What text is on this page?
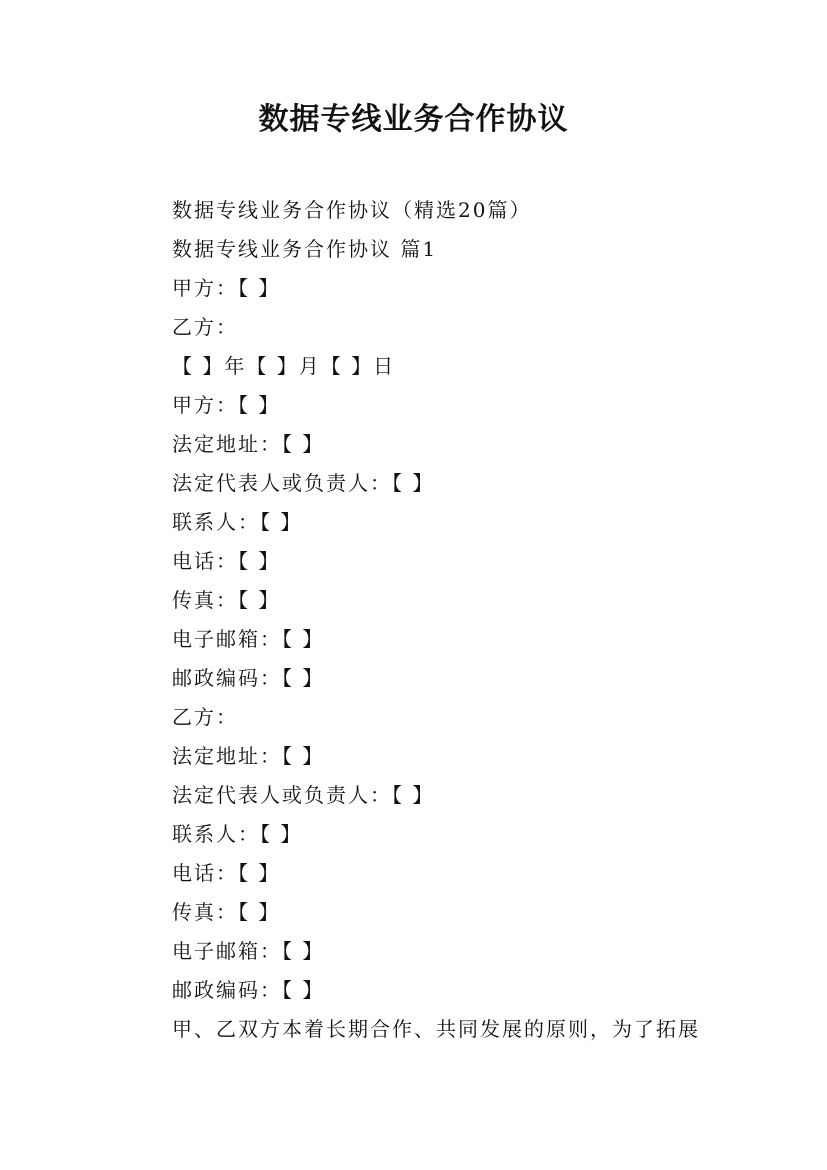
数据专线业务合作协议
数据专线业务合作协议（精选20篇）
数据专线业务合作协议 篇1
甲方：【 】
乙方：
【 】年【 】月【 】日
甲方：【 】
法定地址：【 】
法定代表人或负责人：【 】
联系人：【 】
电话：【 】
传真：【 】
电子邮箱：【 】
邮政编码：【 】
乙方：
法定地址：【 】
法定代表人或负责人：【 】
联系人：【 】
电话：【 】
传真：【 】
电子邮箱：【 】
邮政编码：【 】
甲、乙双方本着长期合作、共同发展的原则，为了拓展
